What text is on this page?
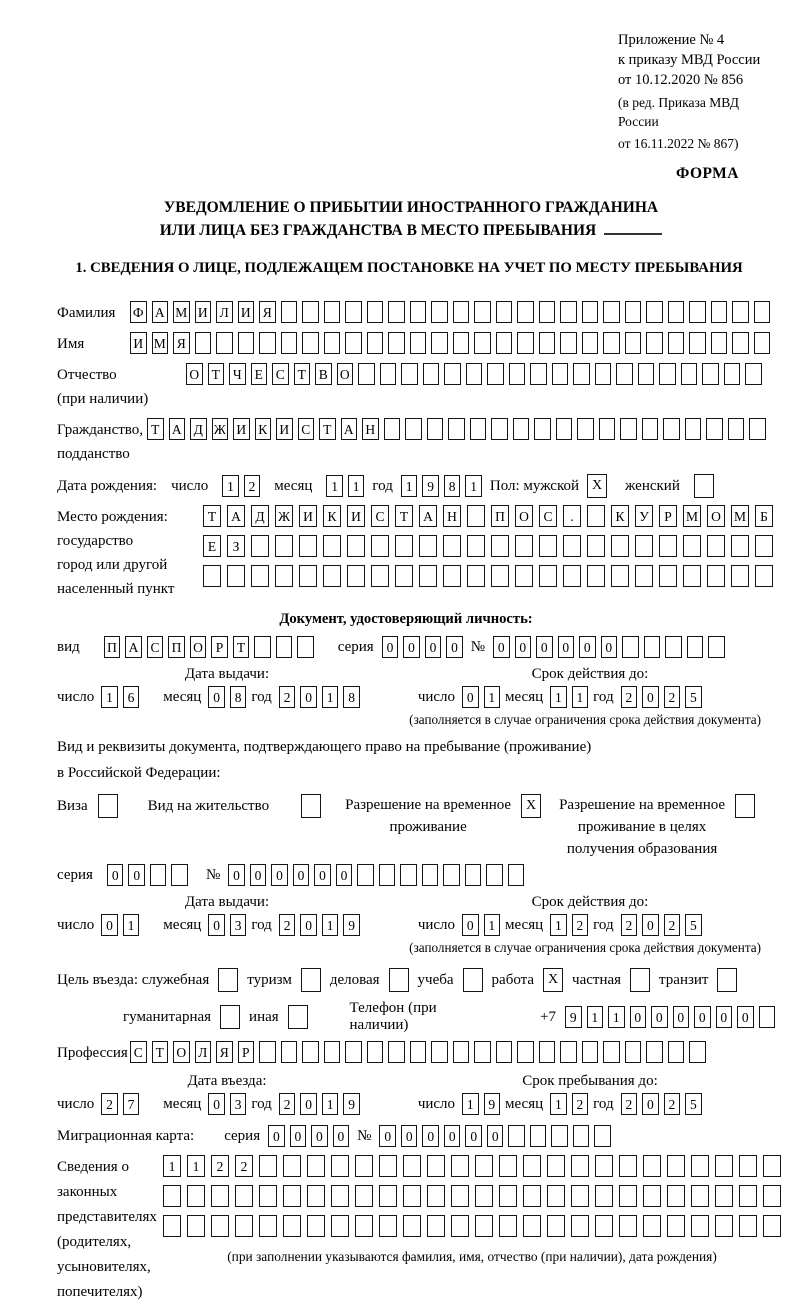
Приложение № 4
к приказу МВД России
от 10.12.2020 № 856
(в ред. Приказа МВД России
от 16.11.2022 № 867)
ФОРМА
УВЕДОМЛЕНИЕ О ПРИБЫТИИ ИНОСТРАННОГО ГРАЖДАНИНА
ИЛИ ЛИЦА БЕЗ ГРАЖДАНСТВА В МЕСТО ПРЕБЫВАНИЯ
1. СВЕДЕНИЯ О ЛИЦЕ, ПОДЛЕЖАЩЕМ ПОСТАНОВКЕ НА УЧЕТ ПО МЕСТУ ПРЕБЫВАНИЯ
Фамилия	Ф А М И Л И Я
Имя	И М Я
Отчество
(при наличии)
О Т Ч Е С Т В О
Гражданство,
подданство
Т А Д Ж И К И С Т А Н
Дата рождения: число	1	2	месяц	1	1 год 1	9	8	1 Пол: мужской X	женский
Место рождения:
государство
город или другой
населенный пункт
Т	А	Д Ж И	К	И	С	Т	А	Н	П	О	С	.	К	У	Р	М О М	Б
Е	З
Документ, удостоверяющий личность:
вид П А С П О Р	Т	серия 0	0	0	0 № 0	0	0	0	0	0
Дата выдачи:	Срок действия до:
число 1	6	месяц 0	8 год 2	0	1	8	число 0	1 месяц 1	1 год 2	0	2	5
(заполняется в случае ограничения срока действия документа)
Вид и реквизиты документа, подтверждающего право на пребывание (проживание)
в Российской Федерации:
Виза	Вид на жительство	Разрешение на временное
проживание
X	Разрешение на временное
проживание в целях
получения образования
серия	0	0	№ 0	0	0	0	0	0
Дата выдачи:	Срок действия до:
число 0	1	месяц 0	3 год 2	0	1	9	число 0	1 месяц 1	2 год 2	0	2	5
(заполняется в случае ограничения срока действия документа)
Цель въезда: служебная	туризм	деловая	учеба	работа X частная	транзит
гуманитарная	иная
Телефон (при наличии)
+7	9	1	1	0	0	0	0	0	0
Профессия С Т О Л Я Р
Дата въезда:	Срок пребывания до:
число 2	7	месяц 0	3 год 2	0	1	9	число 1	9 месяц 1	2 год 2	0	2	5
Миграционная карта: серия 0	0	0	0 № 0	0	0	0	0	0
Сведения о
законных
представителях
(родителях,
усыновителях,
попечителях)
1	1	2	2
(при заполнении указываются фамилия, имя, отчество (при наличии), дата рождения)
